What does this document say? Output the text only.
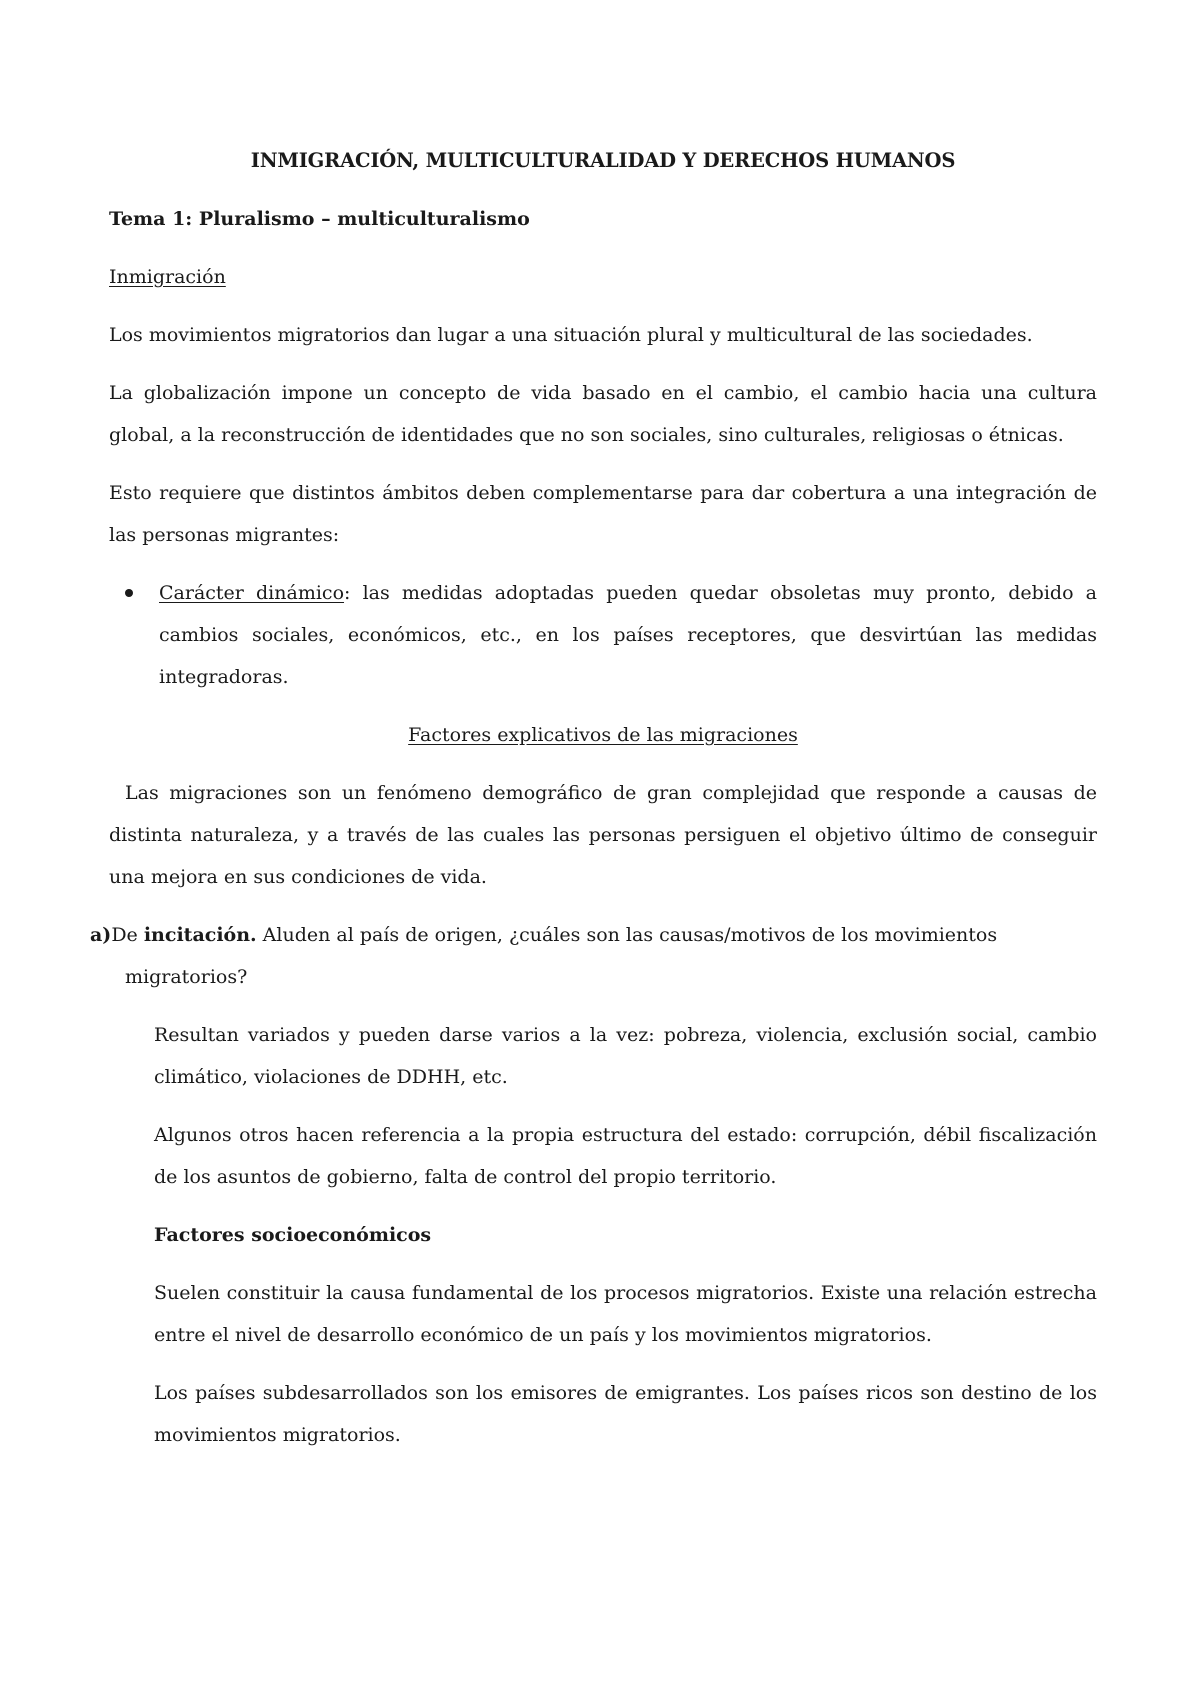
INMIGRACIÓN, MULTICULTURALIDAD Y DERECHOS HUMANOS

Tema 1: Pluralismo – multiculturalismo

Inmigración

Los movimientos migratorios dan lugar a una situación plural y multicultural de las sociedades.

La globalización impone un concepto de vida basado en el cambio, el cambio hacia una cultura global, a la reconstrucción de identidades que no son sociales, sino culturales, religiosas o étnicas.

Esto requiere que distintos ámbitos deben complementarse para dar cobertura a una integración de las personas migrantes:

Carácter dinámico: las medidas adoptadas pueden quedar obsoletas muy pronto, debido a cambios sociales, económicos, etc., en los países receptores, que desvirtúan las medidas integradoras.

Factores explicativos de las migraciones

Las migraciones son un fenómeno demográfico de gran complejidad que responde a causas de distinta naturaleza, y a través de las cuales las personas persiguen el objetivo último de conseguir una mejora en sus condiciones de vida.

a)De incitación. Aluden al país de origen, ¿cuáles son las causas/motivos de los movimientos

migratorios?

Resultan variados y pueden darse varios a la vez: pobreza, violencia, exclusión social, cambio climático, violaciones de DDHH, etc.

Algunos otros hacen referencia a la propia estructura del estado: corrupción, débil fiscalización de los asuntos de gobierno, falta de control del propio territorio.

Factores socioeconómicos

Suelen constituir la causa fundamental de los procesos migratorios. Existe una relación estrecha entre el nivel de desarrollo económico de un país y los movimientos migratorios.

Los países subdesarrollados son los emisores de emigrantes. Los países ricos son destino de los movimientos migratorios.
